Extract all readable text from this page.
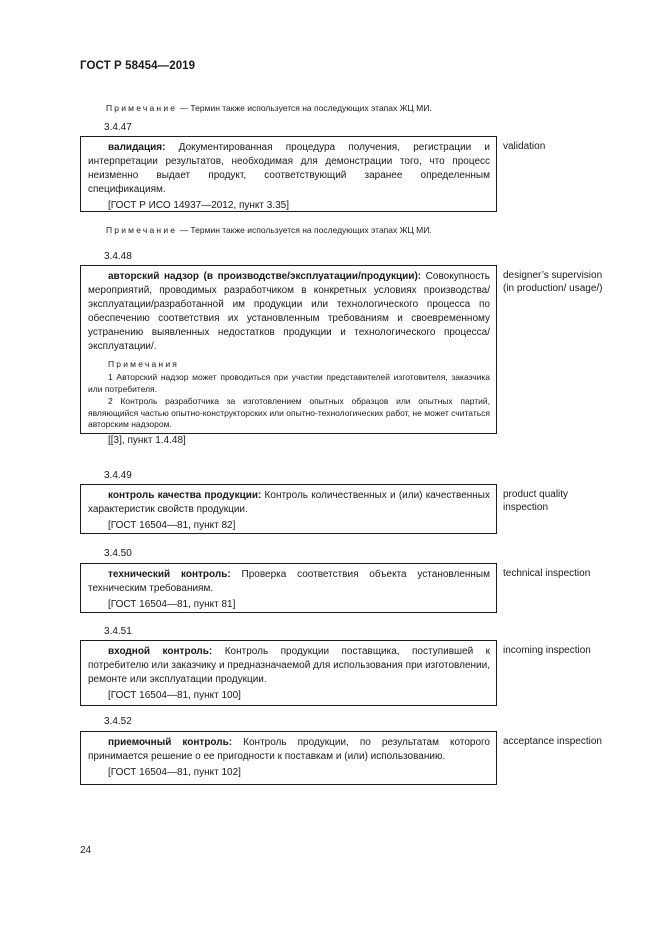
ГОСТ Р 58454—2019
Примечание — Термин также используется на последующих этапах ЖЦ МИ.
3.4.47

валидация: Документированная процедура получения, регистрации и интерпретации результатов, необходимая для демонстрации того, что процесс неизменно выдает продукт, соответствующий заранее определенным спецификациям.

[ГОСТ Р ИСО 14937—2012, пункт 3.35]
validation
Примечание — Термин также используется на последующих этапах ЖЦ МИ.
3.4.48

авторский надзор (в производстве/эксплуатации/продукции): Совокупность мероприятий, проводимых разработчиком в конкретных условиях производства/эксплуатации/разработанной им продукции или технологического процесса по обеспечению соответствия их установленным требованиям и своевременному устранению выявленных недостатков продукции и технологического процесса/эксплуатации/.

Примечания

1 Авторский надзор может проводиться при участии представителей изготовителя, заказчика или потребителя.

2 Контроль разработчика за изготовлением опытных образцов или опытных партий, являющийся частью опытно-конструкторских или опытно-технологических работ, не может считаться авторским надзором.

[[3], пункт 1.4.48]
designer’s supervision (in production/ usage/)
3.4.49

контроль качества продукции: Контроль количественных и (или) качественных характеристик свойств продукции.

[ГОСТ 16504—81, пункт 82]
product quality inspection
3.4.50

технический контроль: Проверка соответствия объекта установленным техническим требованиям.

[ГОСТ 16504—81, пункт 81]
technical inspection
3.4.51

входной контроль: Контроль продукции поставщика, поступившей к потребителю или заказчику и предназначаемой для использования при изготовлении, ремонте или эксплуатации продукции.

[ГОСТ 16504—81, пункт 100]
incoming inspection
3.4.52

приемочный контроль: Контроль продукции, по результатам которого принимается решение о ее пригодности к поставкам и (или) использованию.

[ГОСТ 16504—81, пункт 102]
acceptance inspection
24
